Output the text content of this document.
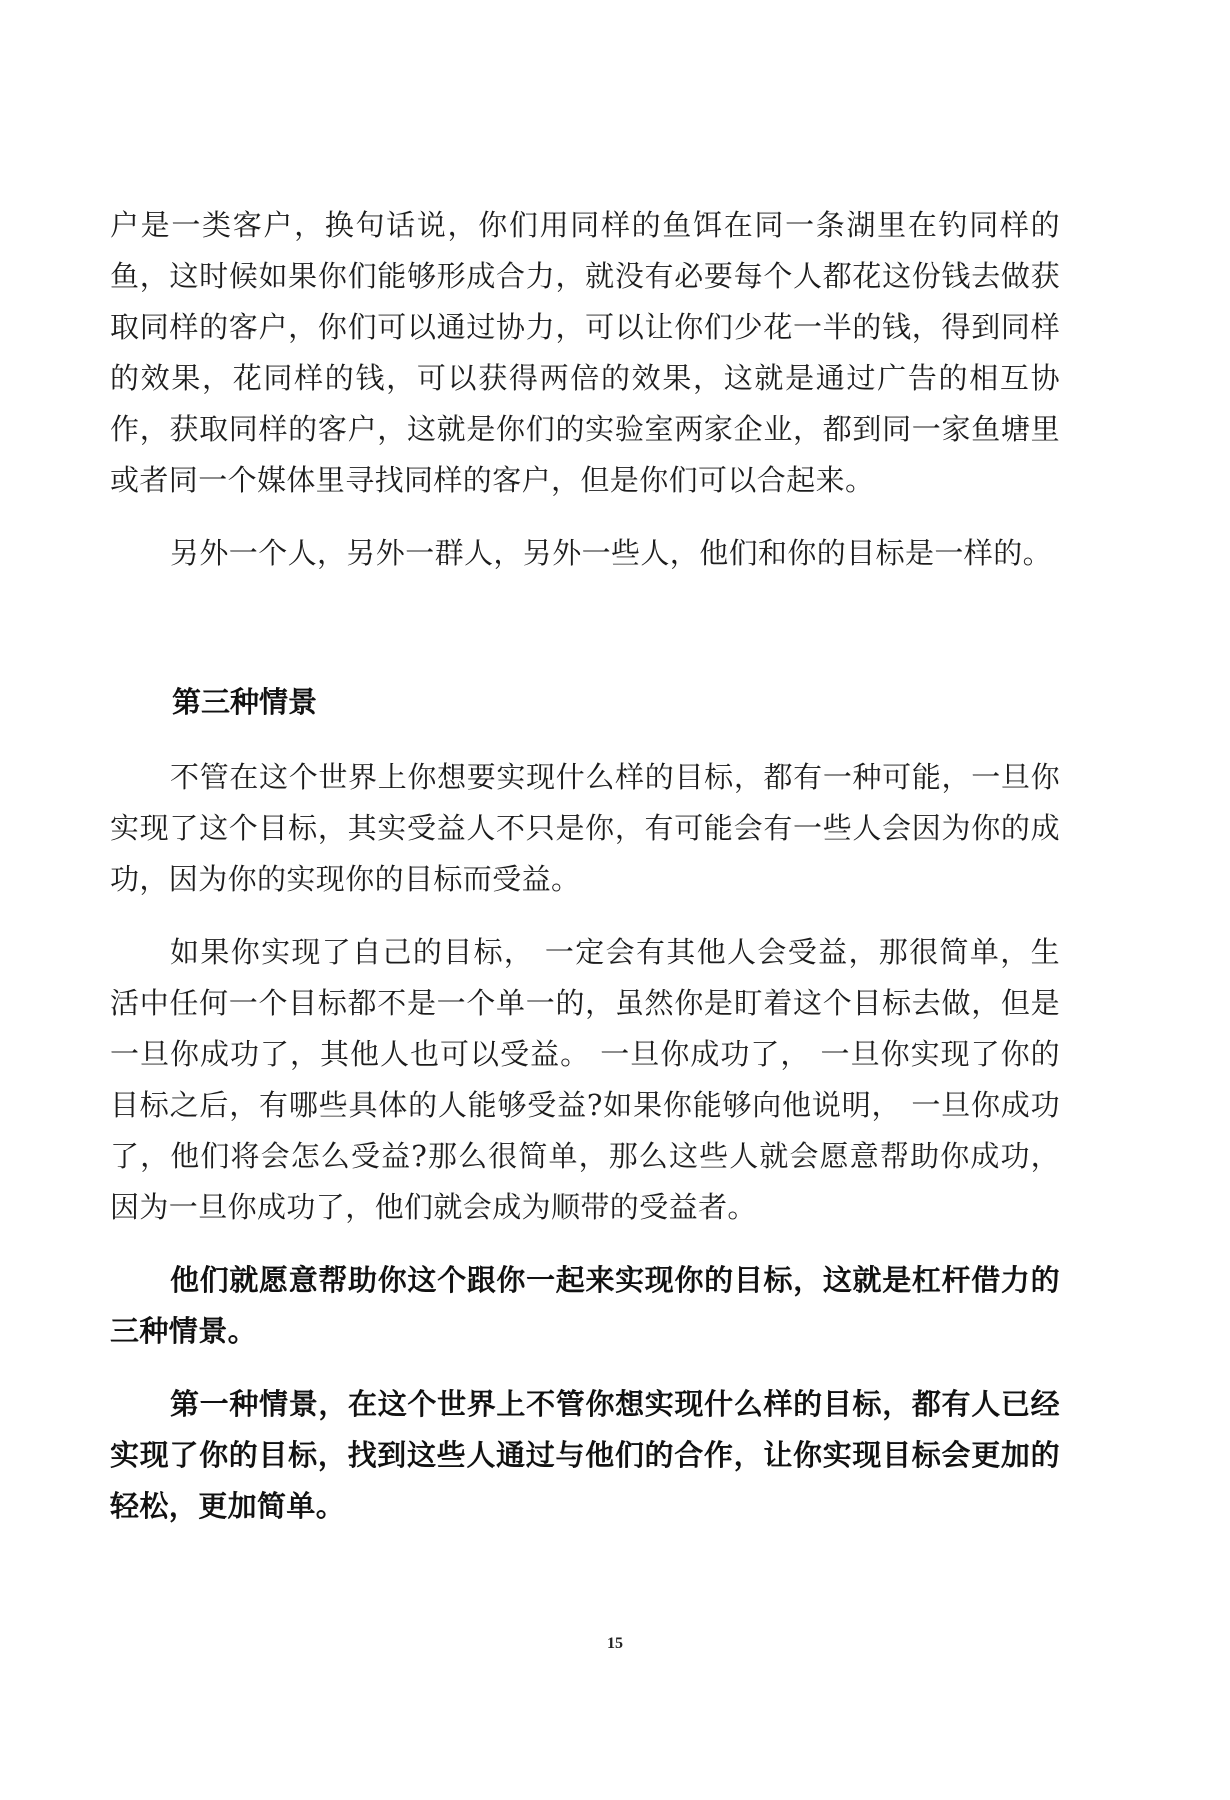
户是一类客户，换句话说，你们用同样的鱼饵在同一条湖里在钓同样的鱼，这时候如果你们能够形成合力，就没有必要每个人都花这份钱去做获取同样的客户，你们可以通过协力，可以让你们少花一半的钱，得到同样的效果，花同样的钱，可以获得两倍的效果，这就是通过广告的相互协作，获取同样的客户，这就是你们的实验室两家企业，都到同一家鱼塘里或者同一个媒体里寻找同样的客户，但是你们可以合起来。

另外一个人，另外一群人，另外一些人，他们和你的目标是一样的。

第三种情景

不管在这个世界上你想要实现什么样的目标，都有一种可能，一旦你实现了这个目标，其实受益人不只是你，有可能会有一些人会因为你的成功，因为你的实现你的目标而受益。

如果你实现了自己的目标， 一定会有其他人会受益，那很简单，生活中任何一个目标都不是一个单一的，虽然你是盯着这个目标去做，但是一旦你成功了，其他人也可以受益。 一旦你成功了， 一旦你实现了你的目标之后，有哪些具体的人能够受益?如果你能够向他说明， 一旦你成功了，他们将会怎么受益?那么很简单，那么这些人就会愿意帮助你成功，因为一旦你成功了，他们就会成为顺带的受益者。

他们就愿意帮助你这个跟你一起来实现你的目标，这就是杠杆借力的三种情景。

第一种情景，在这个世界上不管你想实现什么样的目标，都有人已经实现了你的目标，找到这些人通过与他们的合作，让你实现目标会更加的轻松，更加简单。

15
